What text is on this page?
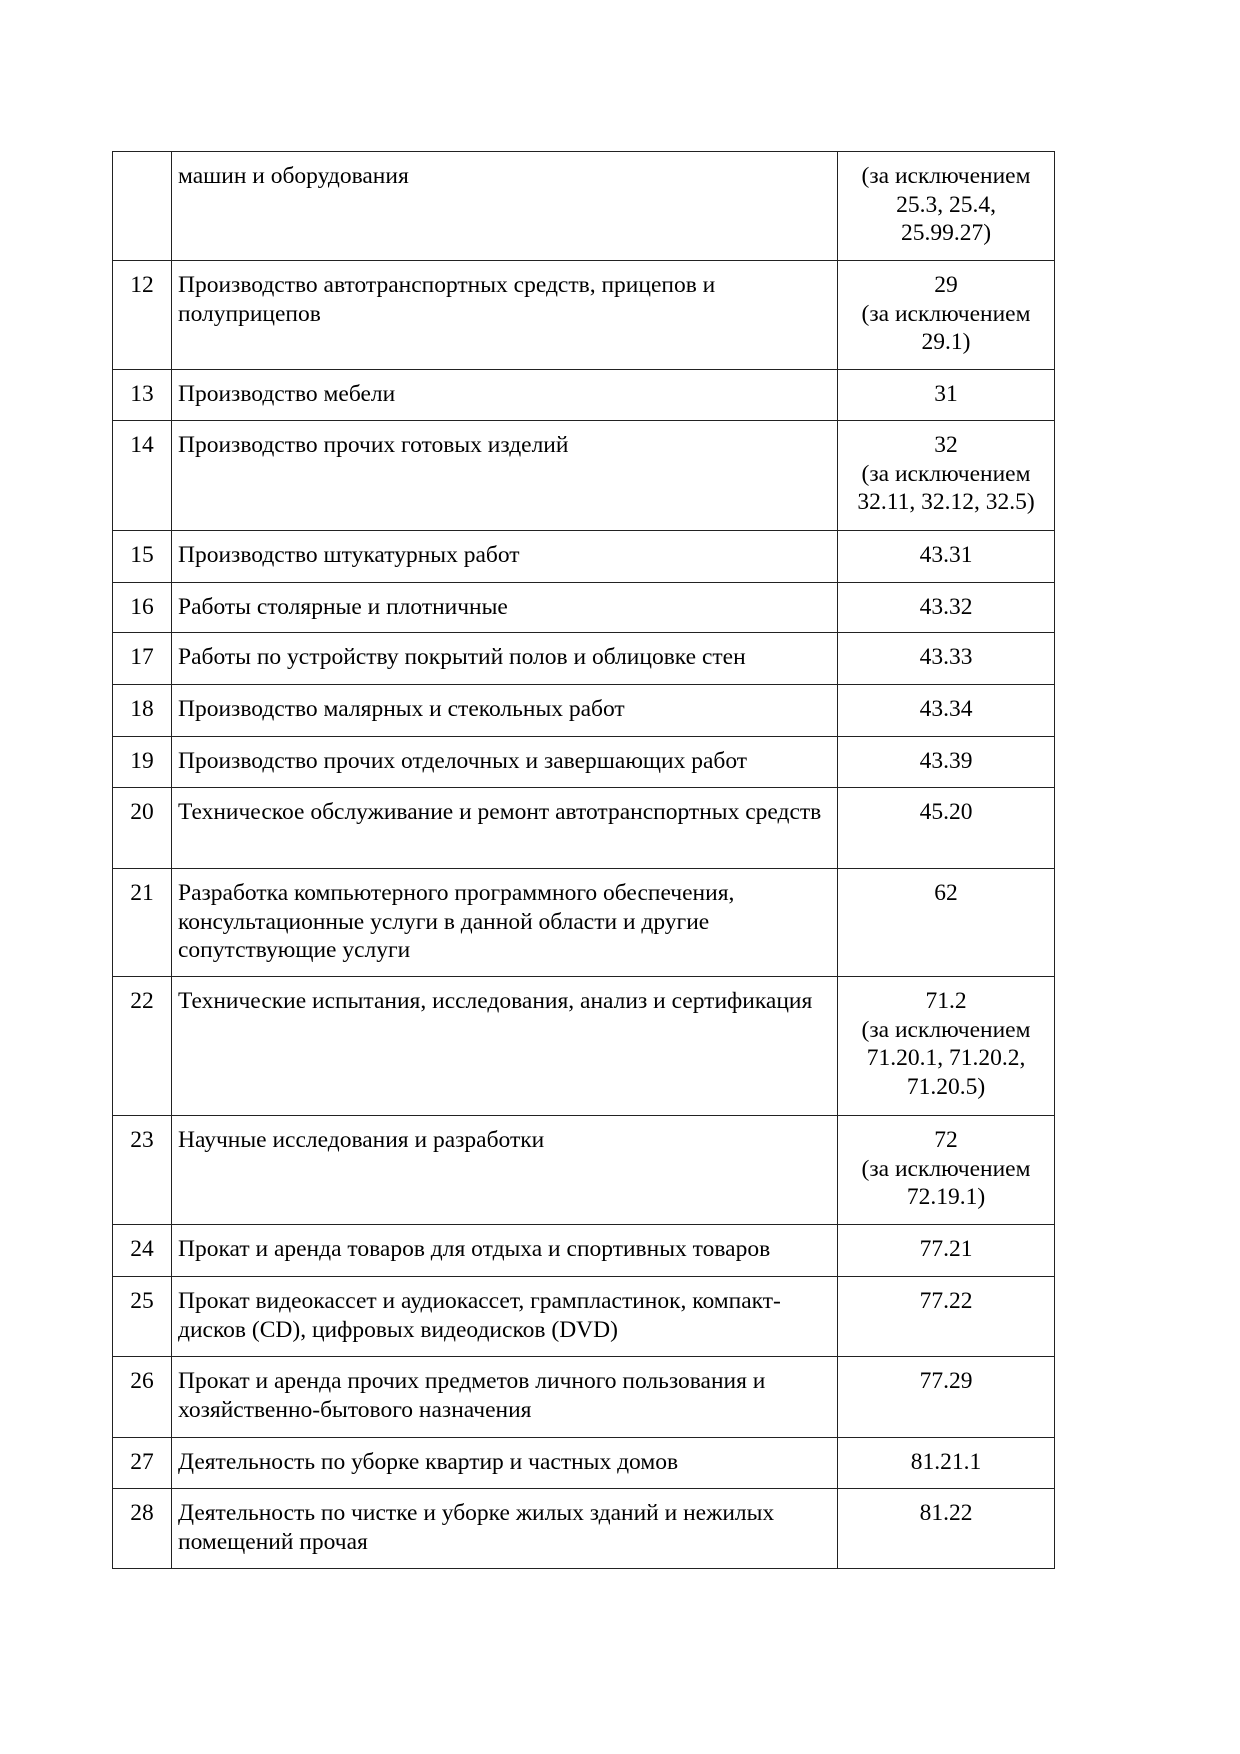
	машин и оборудования	(за исключением
25.3, 25.4,
25.99.27)

12	Производство автотранспортных средств, прицепов и полуприцепов	29
(за исключением
29.1)

13	Производство мебели	31

14	Производство прочих готовых изделий	32
(за исключением
32.11, 32.12, 32.5)

15	Производство штукатурных работ	43.31

16	Работы столярные и плотничные	43.32

17	Работы по устройству покрытий полов и облицовке стен	43.33

18	Производство малярных и стекольных работ	43.34

19	Производство прочих отделочных и завершающих работ	43.39

20	Техническое обслуживание и ремонт автотранспортных средств	45.20

21	Разработка компьютерного программного обеспечения, консультационные услуги в данной области и другие сопутствующие услуги	62

22	Технические испытания, исследования, анализ и сертификация	71.2
(за исключением
71.20.1, 71.20.2,
71.20.5)

23	Научные исследования и разработки	72
(за исключением
72.19.1)

24	Прокат и аренда товаров для отдыха и спортивных товаров	77.21

25	Прокат видеокассет и аудиокассет, грампластинок, компакт-дисков (CD), цифровых видеодисков (DVD)	77.22

26	Прокат и аренда прочих предметов личного пользования и хозяйственно-бытового назначения	77.29

27	Деятельность по уборке квартир и частных домов	81.21.1

28	Деятельность по чистке и уборке жилых зданий и нежилых помещений прочая	81.22
